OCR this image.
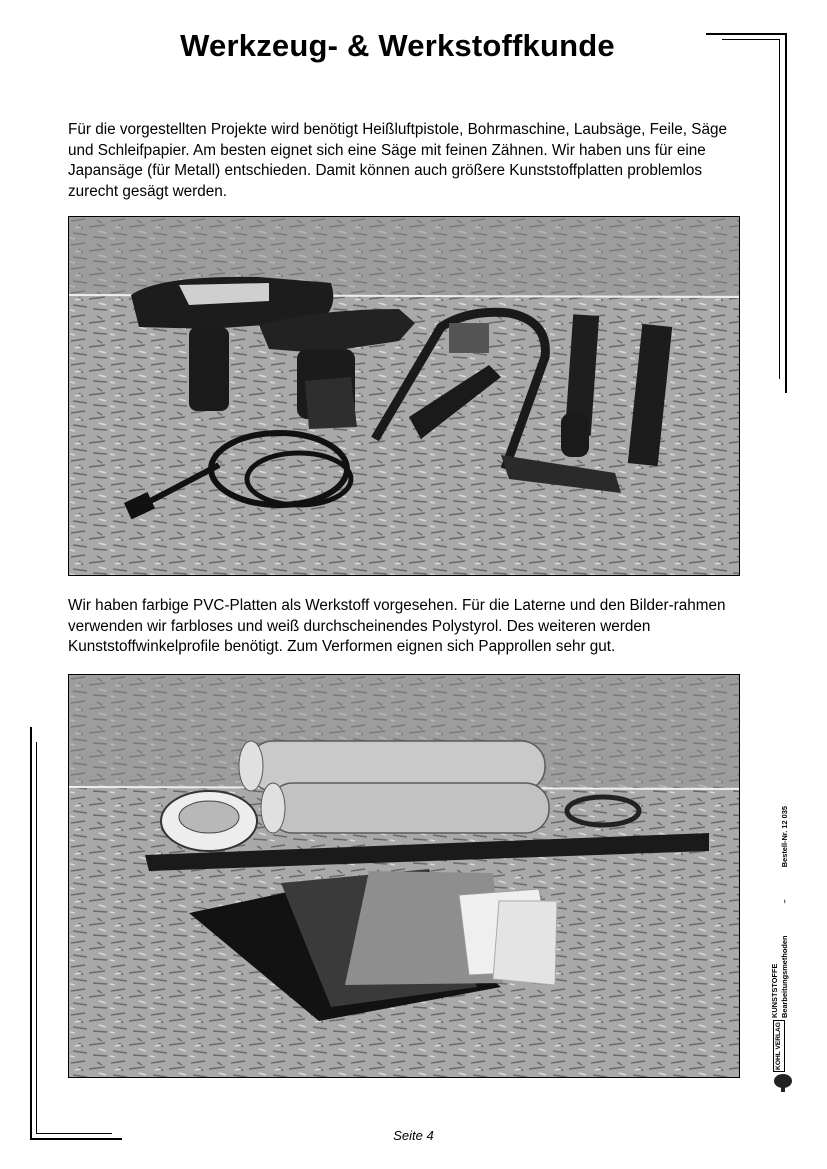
Werkzeug- & Werkstoffkunde

Für die vorgestellten Projekte wird benötigt Heißluftpistole, Bohrmaschine, Laubsäge, Feile, Säge und Schleifpapier. Am besten eignet sich eine Säge mit feinen Zähnen. Wir haben uns für eine Japansäge (für Metall) entschieden. Damit können auch größere Kunststoffplatten problemlos zurecht gesägt werden.

Wir haben farbige PVC-Platten als Werkstoff vorgesehen. Für die Laterne und den Bilder-rahmen verwenden wir farbloses und weiß durchscheinendes Polystyrol. Des weiteren werden Kunststoffwinkelprofile benötigt. Zum Verformen eignen sich Papprollen sehr gut.

KUNSTSTOFFE Bearbeitungsmethoden
–
Bestell-Nr. 12 035
KOHL VERLAG
Seite 4
